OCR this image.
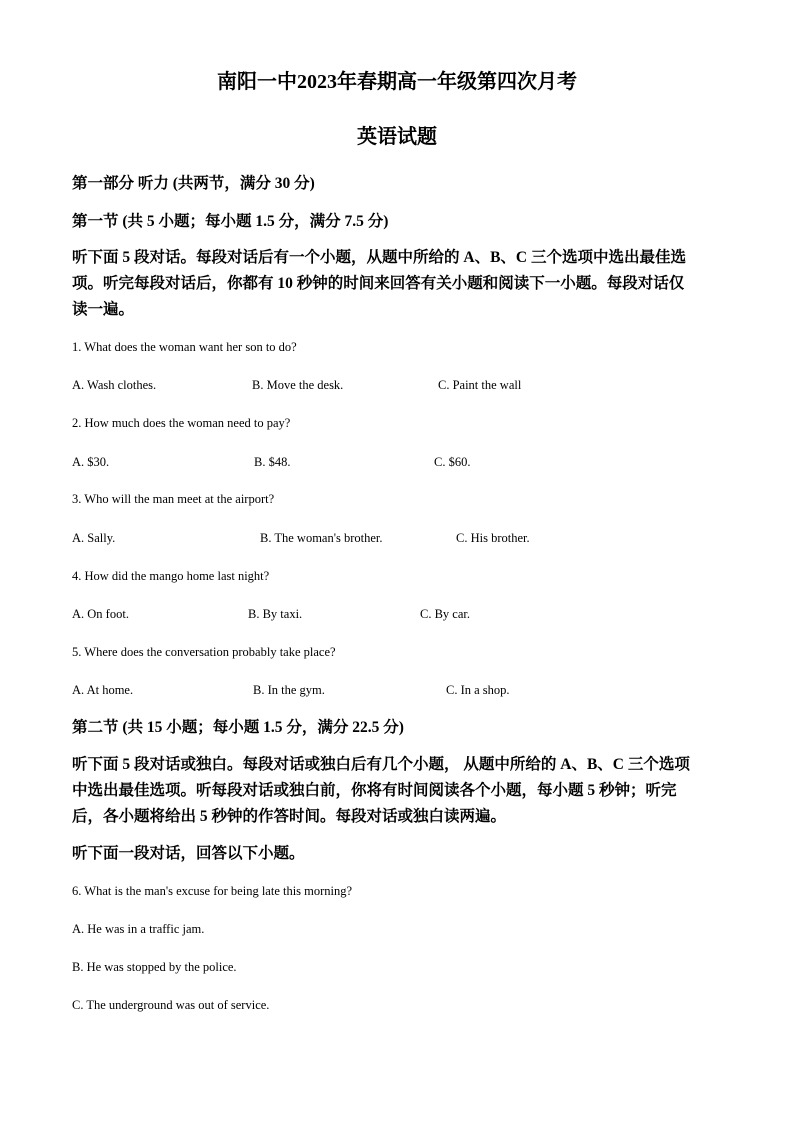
南阳一中2023年春期高一年级第四次月考
英语试题
第一部分 听力 (共两节，满分 30 分)
第一节 (共 5 小题；每小题 1.5 分，满分 7.5 分)
听下面 5 段对话。每段对话后有一个小题，从题中所给的 A、B、C 三个选项中选出最佳选
项。听完每段对话后，你都有 10 秒钟的时间来回答有关小题和阅读下一小题。每段对话仅
读一遍。
1. What does the woman want her son to do?
A. Wash clothes.	B. Move the desk.	C. Paint the wall
2. How much does the woman need to pay?
A. $30.	B. $48.	C. $60.
3. Who will the man meet at the airport?
A. Sally.	B. The woman's brother.	C. His brother.
4. How did the mango home last night?
A. On foot.	B. By taxi.	C. By car.
5. Where does the conversation probably take place?
A. At home.	B. In the gym.	C. In a shop.
第二节 (共 15 小题；每小题 1.5 分，满分 22.5 分)
听下面 5 段对话或独白。每段对话或独白后有几个小题， 从题中所给的 A、B、C 三个选项
中选出最佳选项。听每段对话或独白前，你将有时间阅读各个小题，每小题 5 秒钟；听完
后，各小题将给出 5 秒钟的作答时间。每段对话或独白读两遍。
听下面一段对话，回答以下小题。
6. What is the man's excuse for being late this morning?
A. He was in a traffic jam.
B. He was stopped by the police.
C. The underground was out of service.
